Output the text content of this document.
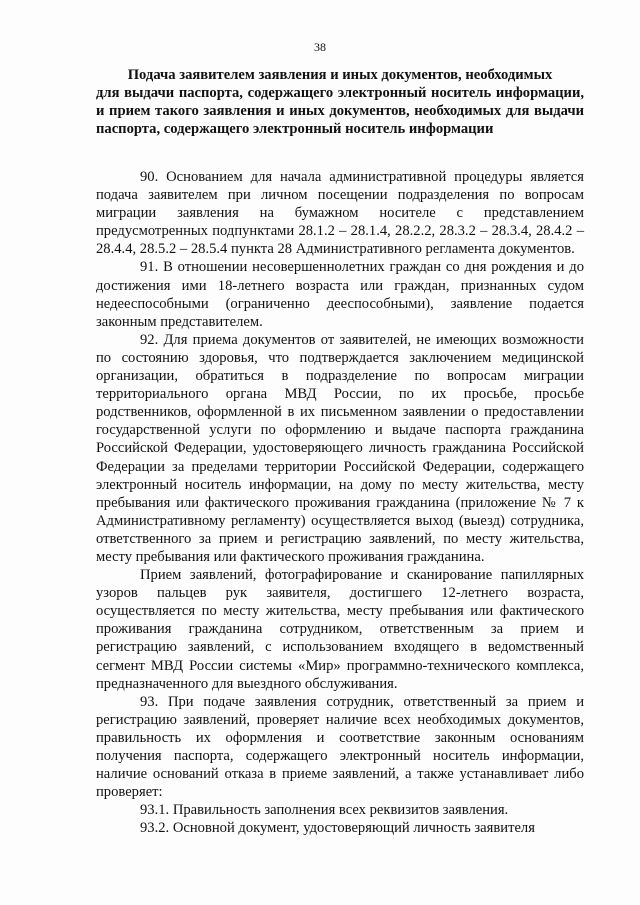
38
Подача заявителем заявления и иных документов, необходимых
для выдачи паспорта, содержащего электронный носитель информации, и прием такого заявления и иных документов, необходимых для выдачи паспорта, содержащего электронный носитель информации

90. Основанием для начала административной процедуры является подача заявителем при личном посещении подразделения по вопросам миграции заявления на бумажном носителе с представлением предусмотренных подпунктами 28.1.2 – 28.1.4, 28.2.2, 28.3.2 – 28.3.4, 28.4.2 – 28.4.4, 28.5.2 – 28.5.4 пункта 28 Административного регламента документов.

91. В отношении несовершеннолетних граждан со дня рождения и до достижения ими 18-летнего возраста или граждан, признанных судом недееспособными (ограниченно дееспособными), заявление подается законным представителем.

92. Для приема документов от заявителей, не имеющих возможности по состоянию здоровья, что подтверждается заключением медицинской организации, обратиться в подразделение по вопросам миграции территориального органа МВД России, по их просьбе, просьбе родственников, оформленной в их письменном заявлении о предоставлении государственной услуги по оформлению и выдаче паспорта гражданина Российской Федерации, удостоверяющего личность гражданина Российской Федерации за пределами территории Российской Федерации, содержащего электронный носитель информации, на дому по месту жительства, месту пребывания или фактического проживания гражданина (приложение № 7 к Административному регламенту) осуществляется выход (выезд) сотрудника, ответственного за прием и регистрацию заявлений, по месту жительства, месту пребывания или фактического проживания гражданина.

Прием заявлений, фотографирование и сканирование папиллярных узоров пальцев рук заявителя, достигшего 12-летнего возраста, осуществляется по месту жительства, месту пребывания или фактического проживания гражданина сотрудником, ответственным за прием и регистрацию заявлений, с использованием входящего в ведомственный сегмент МВД России системы «Мир» программно-технического комплекса, предназначенного для выездного обслуживания.

93. При подаче заявления сотрудник, ответственный за прием и регистрацию заявлений, проверяет наличие всех необходимых документов, правильность их оформления и соответствие законным основаниям получения паспорта, содержащего электронный носитель информации, наличие оснований отказа в приеме заявлений, а также устанавливает либо проверяет:

93.1. Правильность заполнения всех реквизитов заявления.

93.2. Основной документ, удостоверяющий личность заявителя
